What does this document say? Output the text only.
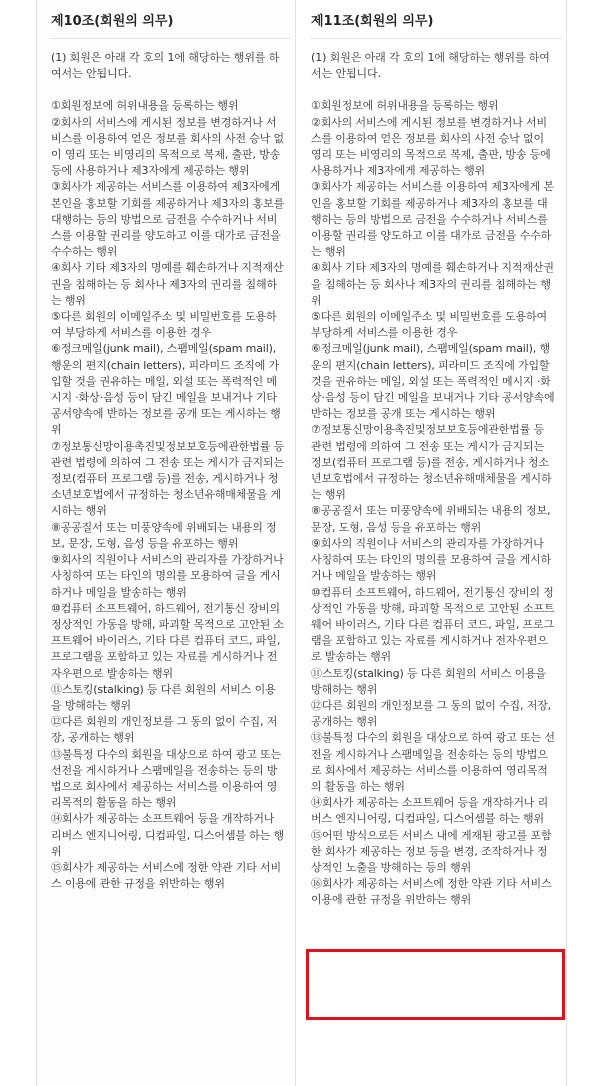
제10조(회원의 의무)
(1) 회원은 아래 각 호의 1에 해당하는 행위를 하여서는 안됩니다.

①회원정보에 허위내용을 등록하는 행위

②회사의 서비스에 게시된 정보를 변경하거나 서비스를 이용하여 얻은 정보를 회사의 사전 승낙 없이 영리 또는 비영리의 목적으로 복제, 출판, 방송 등에 사용하거나 제3자에게 제공하는 행위

③회사가 제공하는 서비스를 이용하여 제3자에게 본인을 홍보할 기회를 제공하거나 제3자의 홍보를 대행하는 등의 방법으로 금전을 수수하거나 서비스를 이용할 권리를 양도하고 이를 대가로 금전을 수수하는 행위

④회사 기타 제3자의 명예를 훼손하거나 지적재산권을 침해하는 등 회사나 제3자의 권리를 침해하는 행위

⑤다른 회원의 이메일주소 및 비밀번호를 도용하여 부당하게 서비스를 이용한 경우

⑥정크메일(junk mail), 스팸메일(spam mail), 행운의 편지(chain letters), 피라미드 조직에 가입할 것을 권유하는 메일, 외설 또는 폭력적인 메시지 ·화상·음성 등이 담긴 메일을 보내거나 기타 공서양속에 반하는 정보를 공개 또는 게시하는 행위

⑦정보통신망이용촉진및정보보호등에관한법률 등 관련 법령에 의하여 그 전송 또는 게시가 금지되는 정보(컴퓨터 프로그램 등)를 전송, 게시하거나 청소년보호법에서 규정하는 청소년유해매체물을 게시하는 행위

⑧공공질서 또는 미풍양속에 위배되는 내용의 정보, 문장, 도형, 음성 등을 유포하는 행위

⑨회사의 직원이나 서비스의 관리자를 가장하거나 사칭하여 또는 타인의 명의를 모용하여 글을 게시하거나 메일을 발송하는 행위

⑩컴퓨터 소프트웨어, 하드웨어, 전기통신 장비의 정상적인 가동을 방해, 파괴할 목적으로 고안된 소프트웨어 바이러스, 기타 다른 컴퓨터 코드, 파일, 프로그램을 포함하고 있는 자료를 게시하거나 전자우편으로 발송하는 행위

⑪스토킹(stalking) 등 다른 회원의 서비스 이용을 방해하는 행위

⑫다른 회원의 개인정보를 그 동의 없이 수집, 저장, 공개하는 행위

⑬불특정 다수의 회원을 대상으로 하여 광고 또는 선전을 게시하거나 스팸메일을 전송하는 등의 방법으로 회사에서 제공하는 서비스를 이용하여 영리목적의 활동을 하는 행위

⑭회사가 제공하는 소프트웨어 등을 개작하거나 리버스 엔지니어링, 디컴파일, 디스어셈블 하는 행위

⑮회사가 제공하는 서비스에 정한 약관 기타 서비스 이용에 관한 규정을 위반하는 행위

제11조(회원의 의무)
(1) 회원은 아래 각 호의 1에 해당하는 행위를 하여서는 안됩니다.

①회원정보에 허위내용을 등록하는 행위

②회사의 서비스에 게시된 정보를 변경하거나 서비스를 이용하여 얻은 정보를 회사의 사전 승낙 없이 영리 또는 비영리의 목적으로 복제, 출판, 방송 등에 사용하거나 제3자에게 제공하는 행위

③회사가 제공하는 서비스를 이용하여 제3자에게 본인을 홍보할 기회를 제공하거나 제3자의 홍보를 대행하는 등의 방법으로 금전을 수수하거나 서비스를 이용할 권리를 양도하고 이를 대가로 금전을 수수하는 행위

④회사 기타 제3자의 명예를 훼손하거나 지적재산권을 침해하는 등 회사나 제3자의 권리를 침해하는 행위

⑤다른 회원의 이메일주소 및 비밀번호를 도용하여 부당하게 서비스를 이용한 경우

⑥정크메일(junk mail), 스팸메일(spam mail), 행운의 편지(chain letters), 피라미드 조직에 가입할 것을 권유하는 메일, 외설 또는 폭력적인 메시지 ·화상·음성 등이 담긴 메일을 보내거나 기타 공서양속에 반하는 정보를 공개 또는 게시하는 행위

⑦정보통신망이용촉진및정보보호등에관한법률 등 관련 법령에 의하여 그 전송 또는 게시가 금지되는 정보(컴퓨터 프로그램 등)를 전송, 게시하거나 청소년보호법에서 규정하는 청소년유해매체물을 게시하는 행위

⑧공공질서 또는 미풍양속에 위배되는 내용의 정보, 문장, 도형, 음성 등을 유포하는 행위

⑨회사의 직원이나 서비스의 관리자를 가장하거나 사칭하여 또는 타인의 명의를 모용하여 글을 게시하거나 메일을 발송하는 행위

⑩컴퓨터 소프트웨어, 하드웨어, 전기통신 장비의 정상적인 가동을 방해, 파괴할 목적으로 고안된 소프트웨어 바이러스, 기타 다른 컴퓨터 코드, 파일, 프로그램을 포함하고 있는 자료를 게시하거나 전자우편으로 발송하는 행위

⑪스토킹(stalking) 등 다른 회원의 서비스 이용을 방해하는 행위

⑫다른 회원의 개인정보를 그 동의 없이 수집, 저장, 공개하는 행위

⑬불특정 다수의 회원을 대상으로 하여 광고 또는 선전을 게시하거나 스팸메일을 전송하는 등의 방법으로 회사에서 제공하는 서비스를 이용하여 영리목적의 활동을 하는 행위

⑭회사가 제공하는 소프트웨어 등을 개작하거나 리버스 엔지니어링, 디컴파일, 디스어셈블 하는 행위

⑮어떤 방식으로든 서비스 내에 게재된 광고를 포함한 회사가 제공하는 정보 등을 변경, 조작하거나 정상적인 노출을 방해하는 등의 행위

⑯회사가 제공하는 서비스에 정한 약관 기타 서비스 이용에 관한 규정을 위반하는 행위
